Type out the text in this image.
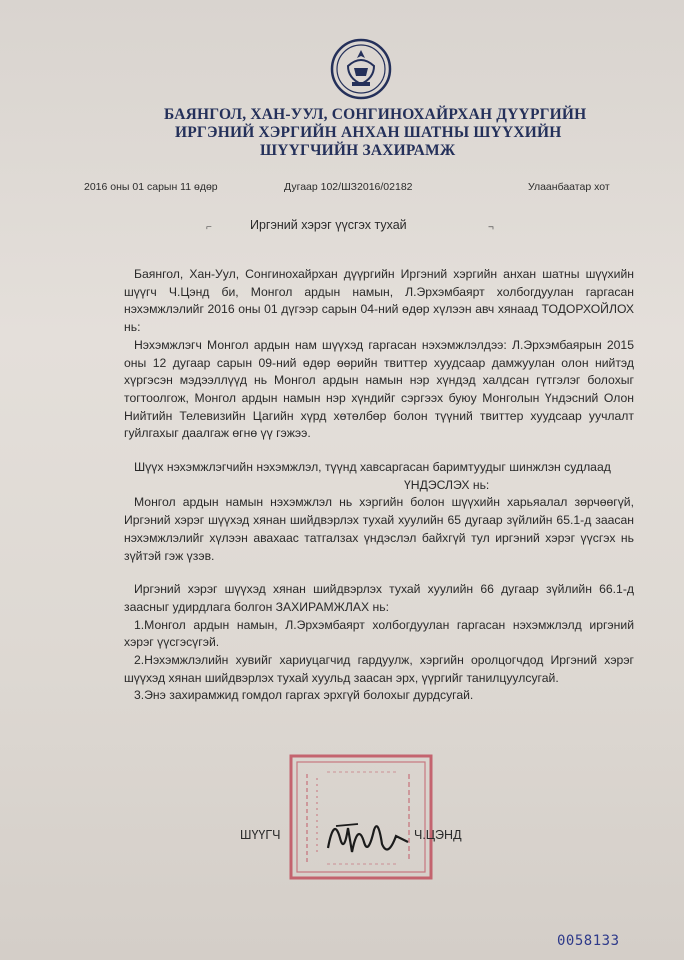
БАЯНГОЛ, ХАН-УУЛ, СОНГИНОХАЙРХАН ДҮҮРГИЙН
ИРГЭНИЙ ХЭРГИЙН АНХАН ШАТНЫ ШҮҮХИЙН
ШҮҮГЧИЙН ЗАХИРАМЖ
2016 оны 01 сарын 11 өдөр	Дугаар 102/ШЗ2016/02182	Улаанбаатар хот
⌐	¬
Иргэний хэрэг үүсгэх тухай

Баянгол, Хан-Уул, Сонгинохайрхан дүүргийн Иргэний хэргийн анхан шатны шүүхийн шүүгч Ч.Цэнд би, Монгол ардын намын, Л.Эрхэмбаярт холбогдуулан гаргасан нэхэмжлэлийг 2016 оны 01 дүгээр сарын 04-ний өдөр хүлээн авч хянаад ТОДОРХОЙЛОХ нь:

Нэхэмжлэгч Монгол ардын нам шүүхэд гаргасан нэхэмжлэлдээ: Л.Эрхэмбаярын 2015 оны 12 дугаар сарын 09-ний өдөр өөрийн твиттер хуудсаар дамжуулан олон нийтэд хүргэсэн мэдээллүүд нь Монгол ардын намын нэр хүндэд халдсан гүтгэлэг болохыг тогтоолгож, Монгол ардын намын нэр хүндийг сэргээх буюу Монголын Үндэсний Олон Нийтийн Телевизийн Цагийн хүрд хөтөлбөр болон түүний твиттер хуудсаар уучлалт гуйлгахыг даалгаж өгнө үү гэжээ.

Шүүх нэхэмжлэгчийн нэхэмжлэл, түүнд хавсаргасан баримтуудыг шинжлэн судлаад

ҮНДЭСЛЭХ нь:

Монгол ардын намын нэхэмжлэл нь хэргийн болон шүүхийн харьяалал зөрчөөгүй, Иргэний хэрэг шүүхэд хянан шийдвэрлэх тухай хуулийн 65 дугаар зүйлийн 65.1-д заасан нэхэмжлэлийг хүлээн авахаас татгалзах үндэслэл байхгүй тул иргэний хэрэг үүсгэх нь зүйтэй гэж үзэв.

Иргэний хэрэг шүүхэд хянан шийдвэрлэх тухай хуулийн 66 дугаар зүйлийн 66.1-д заасныг удирдлага болгон ЗАХИРАМЖЛАХ нь:

1.Монгол ардын намын, Л.Эрхэмбаярт холбогдуулан гаргасан нэхэмжлэлд иргэний хэрэг үүсгэсүгэй.

2.Нэхэмжлэлийн хувийг хариуцагчид гардуулж, хэргийн оролцогчдод Иргэний хэрэг шүүхэд хянан шийдвэрлэх тухай хуульд заасан эрх, үүргийг танилцуулсугай.

3.Энэ захирамжид гомдол гаргах эрхгүй болохыг дурдсугай.

ШҮҮГЧ	Ч.ЦЭНД
0058133
